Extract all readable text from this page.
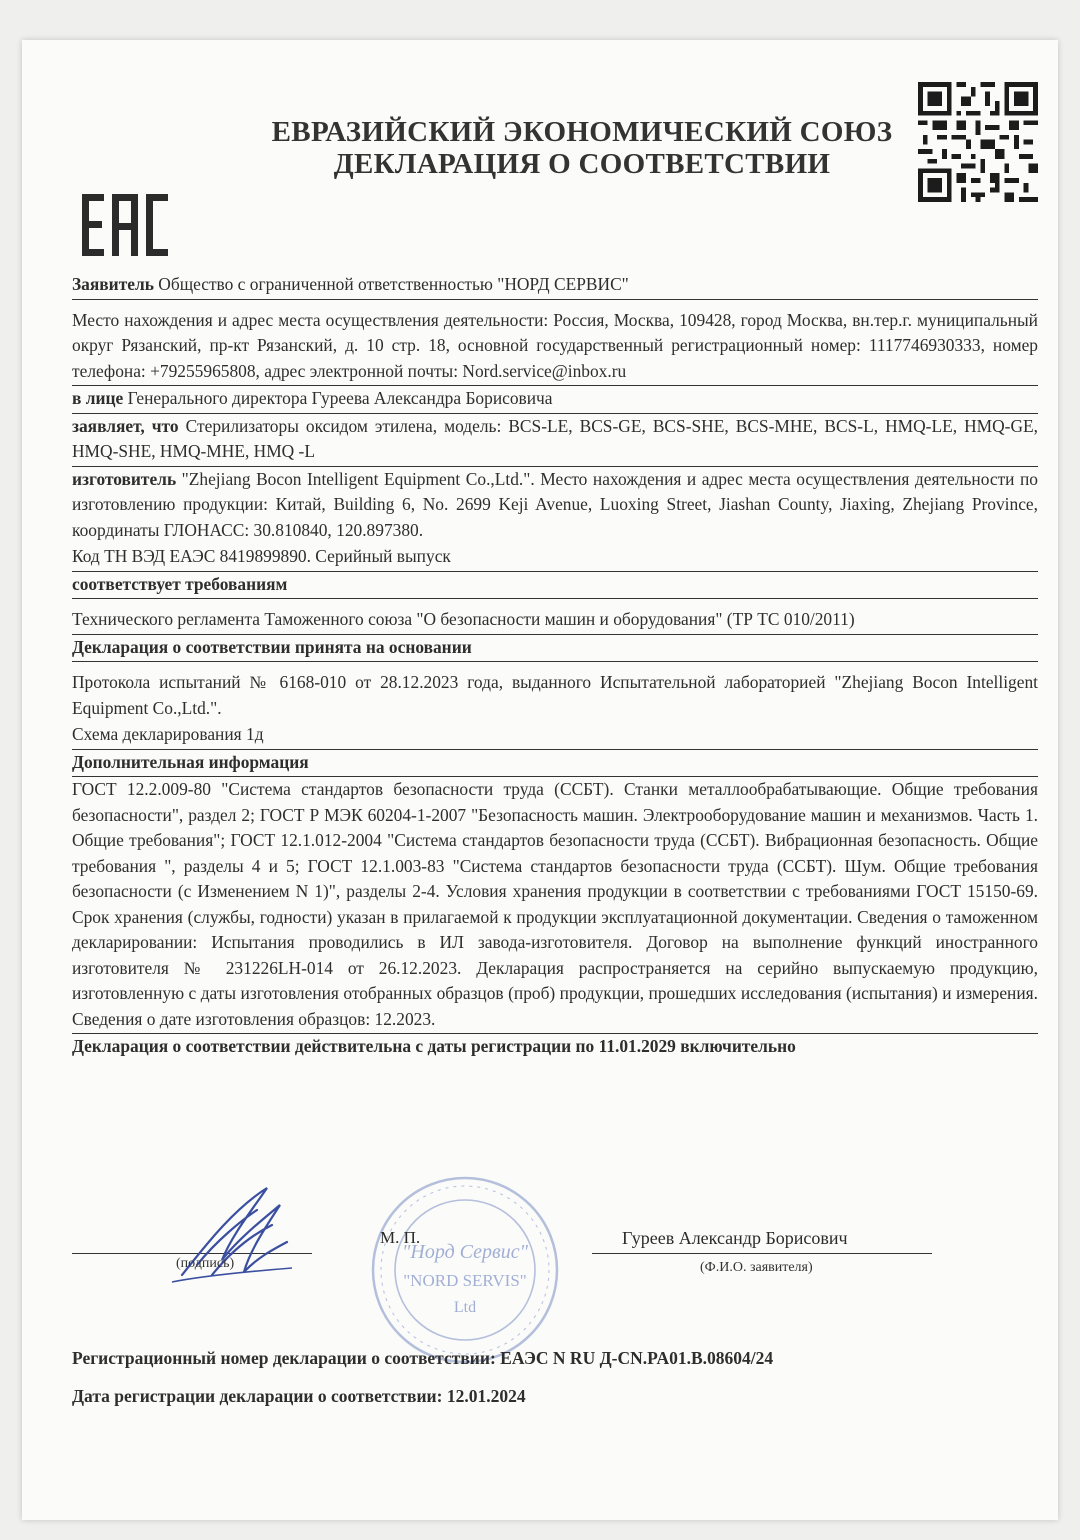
ЕВРАЗИЙСКИЙ ЭКОНОМИЧЕСКИЙ СОЮЗ
ДЕКЛАРАЦИЯ О СООТВЕТСТВИИ
Заявитель Общество с ограниченной ответственностью "НОРД СЕРВИС"
Место нахождения и адрес места осуществления деятельности: Россия, Москва, 109428, город Москва, вн.тер.г. муниципальный округ Рязанский, пр-кт Рязанский, д. 10 стр. 18, основной государственный регистрационный номер: 1117746930333, номер телефона: +79255965808, адрес электронной почты: Nord.service@inbox.ru
в лице Генерального директора Гуреева Александра Борисовича
заявляет, что Стерилизаторы оксидом этилена, модель: BCS-LE, BCS-GE, BCS-SHE, BCS-MHE, BCS-L, HMQ-LE, HMQ-GE, HMQ-SHE, HMQ-MHE, HMQ -L
изготовитель "Zhejiang Bocon Intelligent Equipment Co.,Ltd.". Место нахождения и адрес места осуществления деятельности по изготовлению продукции: Китай, Building 6, No. 2699 Keji Avenue, Luoxing Street, Jiashan County, Jiaxing, Zhejiang Province, координаты ГЛОНАСС: 30.810840, 120.897380.
Код ТН ВЭД ЕАЭС 8419899890. Серийный выпуск
соответствует требованиям
Технического регламента Таможенного союза "О безопасности машин и оборудования" (ТР ТС 010/2011)
Декларация о соответствии принята на основании
Протокола испытаний № 6168-010 от 28.12.2023 года, выданного Испытательной лабораторией "Zhejiang Bocon Intelligent Equipment Co.,Ltd.".
Схема декларирования 1д
Дополнительная информация
ГОСТ 12.2.009-80 "Система стандартов безопасности труда (ССБТ). Станки металлообрабатывающие. Общие требования безопасности", раздел 2; ГОСТ Р МЭК 60204-1-2007 "Безопасность машин. Электрооборудование машин и механизмов. Часть 1. Общие требования"; ГОСТ 12.1.012-2004 "Система стандартов безопасности труда (ССБТ). Вибрационная безопасность. Общие требования ", разделы 4 и 5; ГОСТ 12.1.003-83 "Система стандартов безопасности труда (ССБТ). Шум. Общие требования безопасности (с Изменением N 1)", разделы 2-4. Условия хранения продукции в соответствии с требованиями ГОСТ 15150-69. Срок хранения (службы, годности) указан в прилагаемой к продукции эксплуатационной документации. Сведения о таможенном декларировании: Испытания проводились в ИЛ завода-изготовителя. Договор на выполнение функций иностранного изготовителя № 231226LH-014 от 26.12.2023. Декларация распространяется на серийно выпускаемую продукцию, изготовленную с даты изготовления отобранных образцов (проб) продукции, прошедших исследования (испытания) и измерения. Сведения о дате изготовления образцов: 12.2023.
Декларация о соответствии действительна с даты регистрации по 11.01.2029 включительно
(подпись)
"Норд Сервис"
"NORD SERVIS"
Ltd
М. П.	Гуреев Александр Борисович
(Ф.И.О. заявителя)
Регистрационный номер декларации о соответствии: ЕАЭС N RU Д-CN.PA01.B.08604/24
Дата регистрации декларации о соответствии: 12.01.2024
